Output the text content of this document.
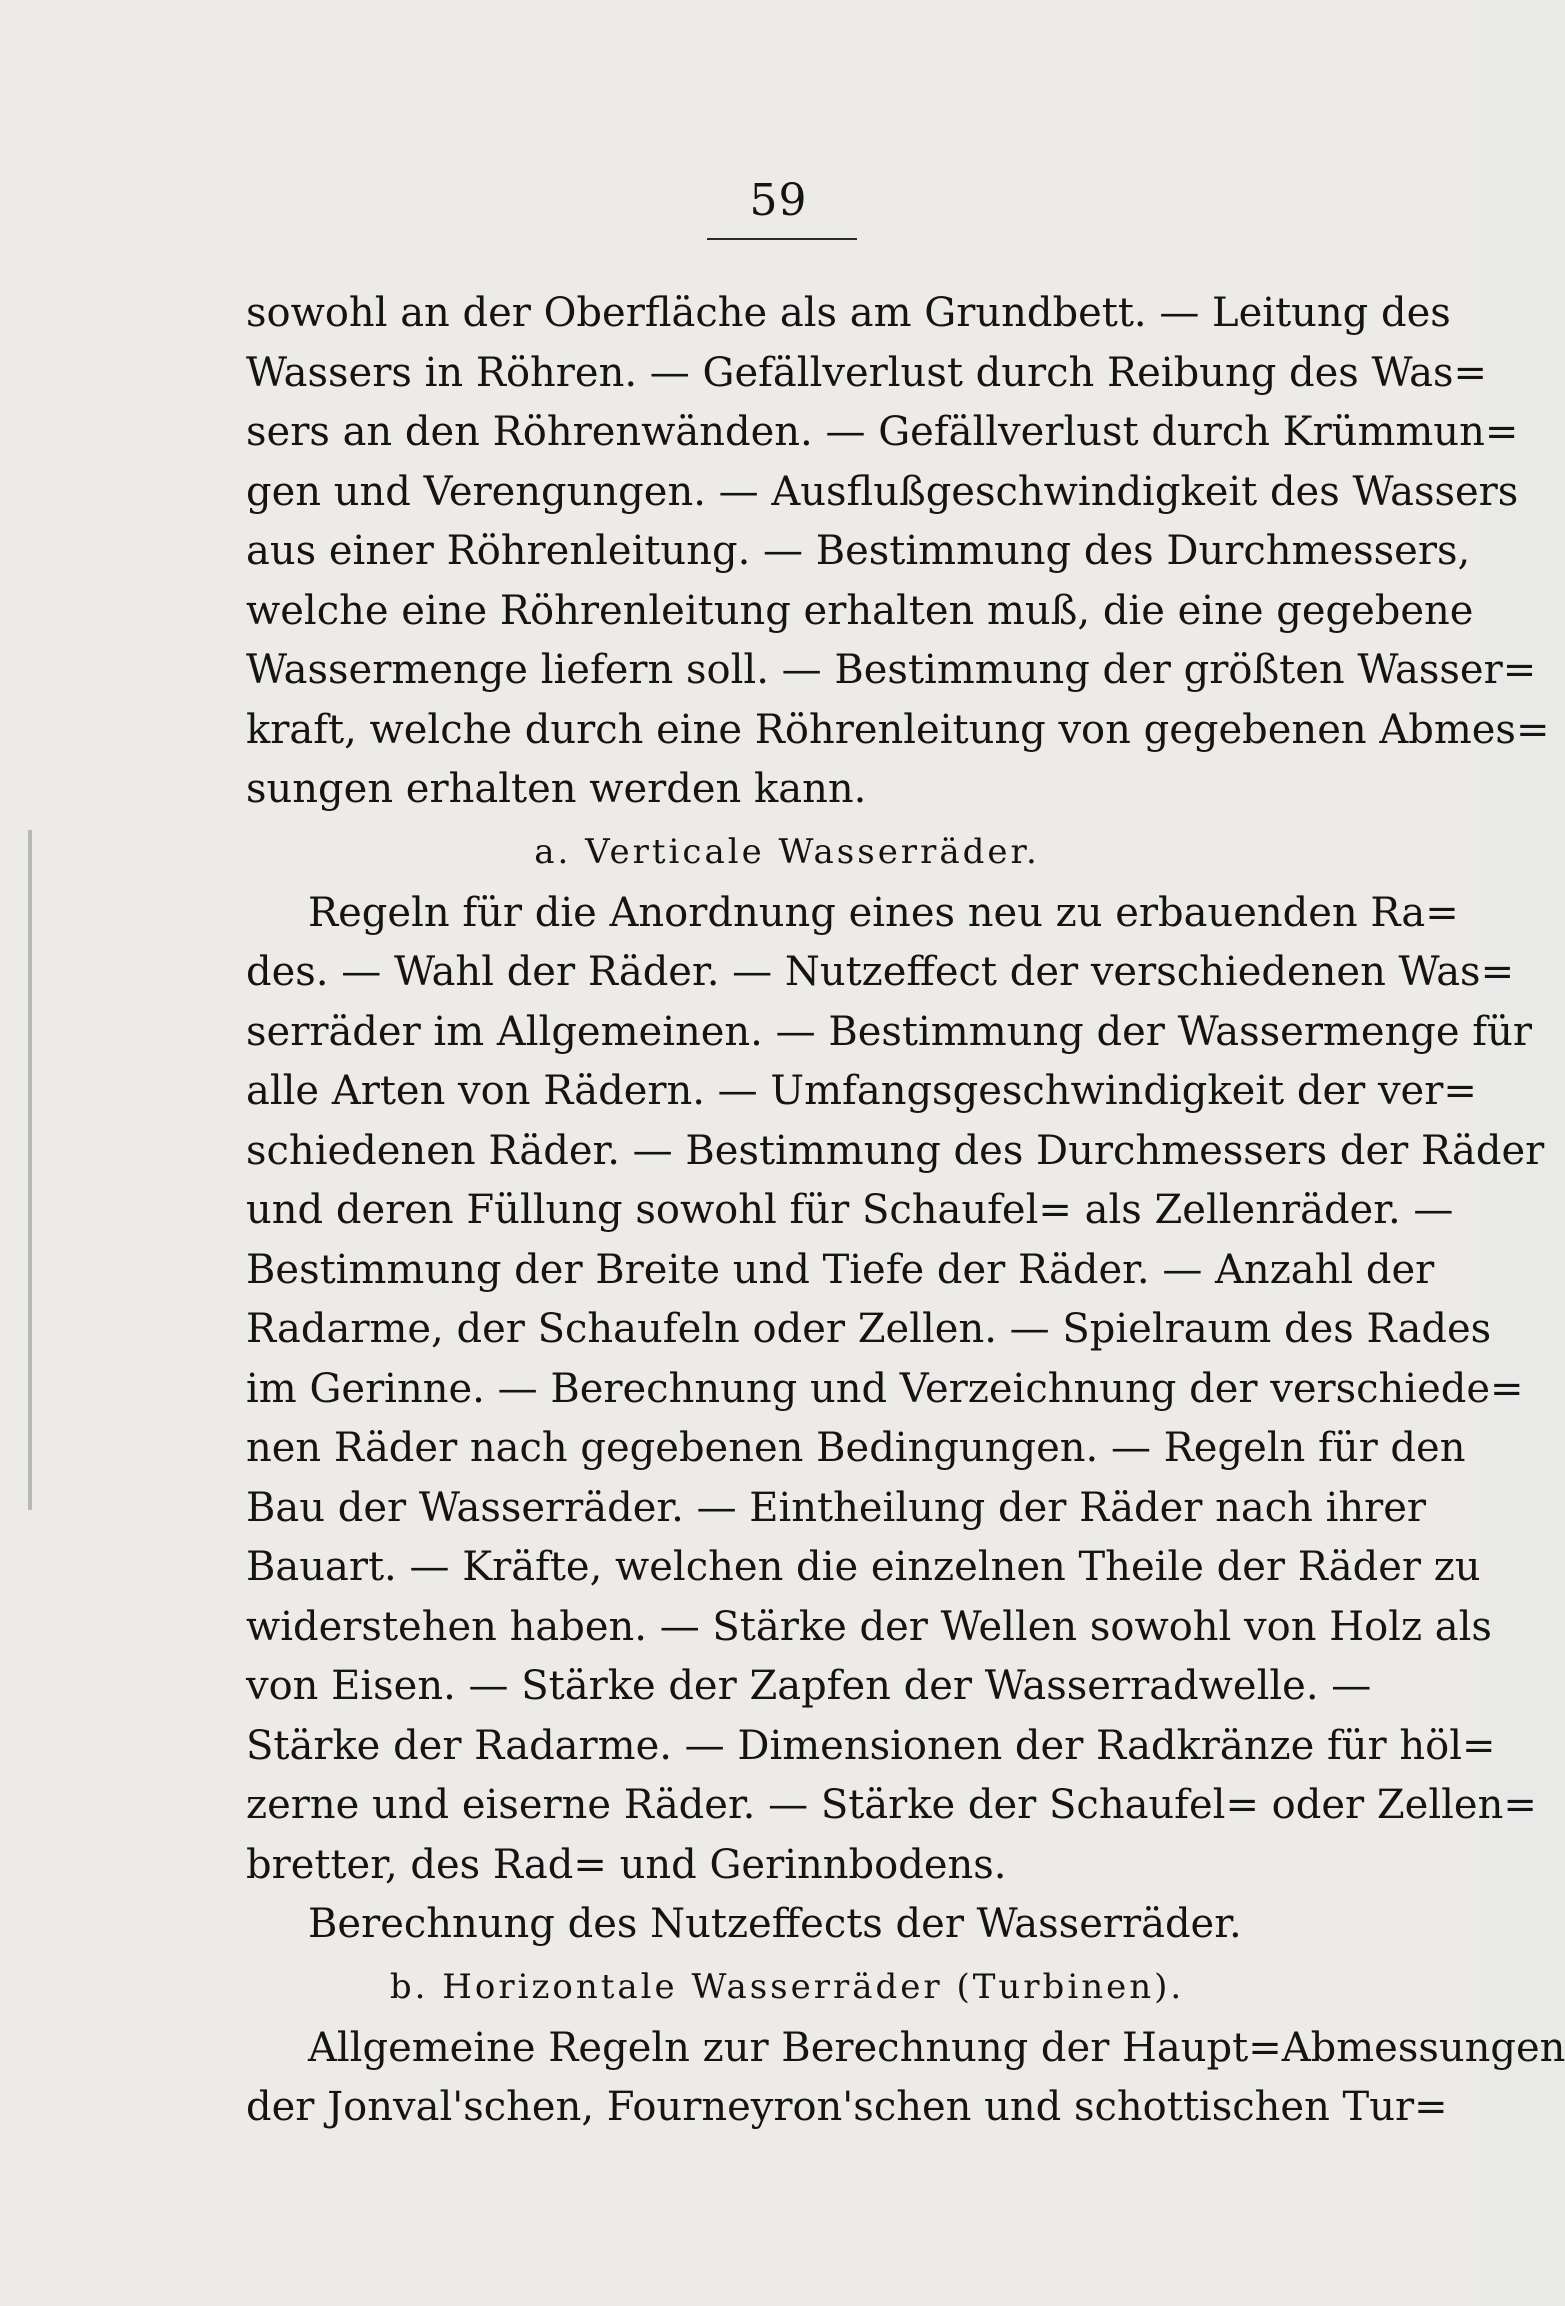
59
sowohl an der Oberfläche als am Grundbett. — Leitung des
Wassers in Röhren. — Gefällverlust durch Reibung des Was=
sers an den Röhrenwänden. — Gefällverlust durch Krümmun=
gen und Verengungen. — Ausflußgeschwindigkeit des Wassers
aus einer Röhrenleitung. — Bestimmung des Durchmessers,
welche eine Röhrenleitung erhalten muß, die eine gegebene
Wassermenge liefern soll. — Bestimmung der größten Wasser=
kraft, welche durch eine Röhrenleitung von gegebenen Abmes=
sungen erhalten werden kann.
a. Verticale Wasserräder.
Regeln für die Anordnung eines neu zu erbauenden Ra=
des. — Wahl der Räder. — Nutzeffect der verschiedenen Was=
serräder im Allgemeinen. — Bestimmung der Wassermenge für
alle Arten von Rädern. — Umfangsgeschwindigkeit der ver=
schiedenen Räder. — Bestimmung des Durchmessers der Räder
und deren Füllung sowohl für Schaufel= als Zellenräder. —
Bestimmung der Breite und Tiefe der Räder. — Anzahl der
Radarme, der Schaufeln oder Zellen. — Spielraum des Rades
im Gerinne. — Berechnung und Verzeichnung der verschiede=
nen Räder nach gegebenen Bedingungen. — Regeln für den
Bau der Wasserräder. — Eintheilung der Räder nach ihrer
Bauart. — Kräfte, welchen die einzelnen Theile der Räder zu
widerstehen haben. — Stärke der Wellen sowohl von Holz als
von Eisen. — Stärke der Zapfen der Wasserradwelle. —
Stärke der Radarme. — Dimensionen der Radkränze für höl=
zerne und eiserne Räder. — Stärke der Schaufel= oder Zellen=
bretter, des Rad= und Gerinnbodens.
Berechnung des Nutzeffects der Wasserräder.
b. Horizontale Wasserräder (Turbinen).
Allgemeine Regeln zur Berechnung der Haupt=Abmessungen
der Jonval'schen, Fourneyron'schen und schottischen Tur=
